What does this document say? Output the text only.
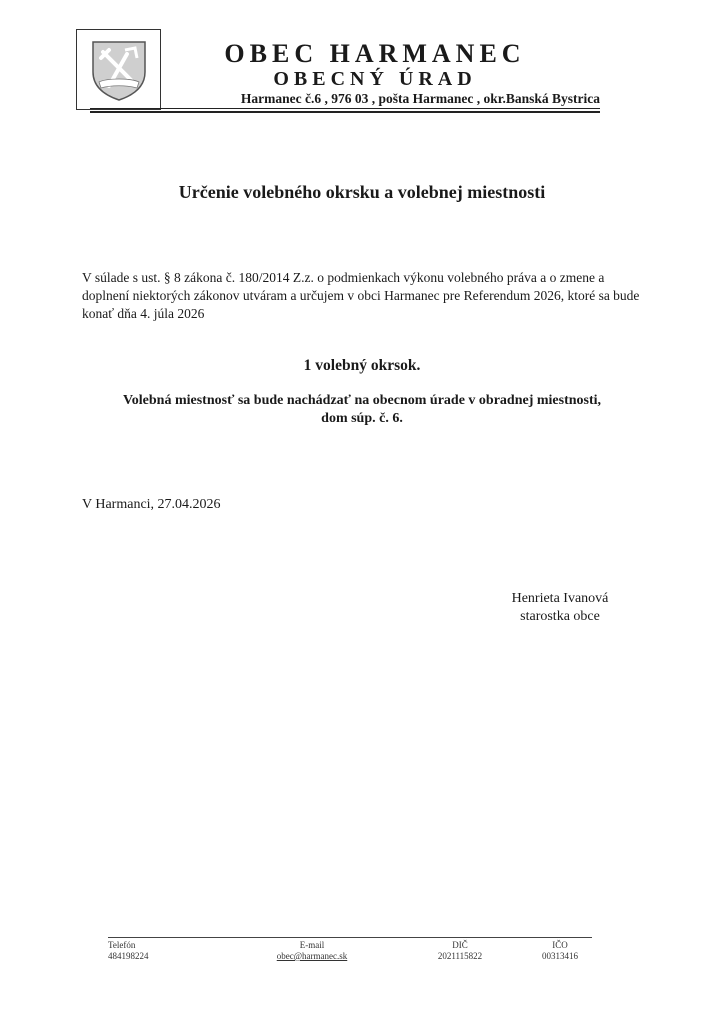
OBEC HARMANEC
OBECNÝ ÚRAD
Harmanec č.6 , 976 03 , pošta Harmanec , okr.Banská Bystrica
Určenie volebného okrsku a volebnej miestnosti
V súlade s ust. § 8 zákona č. 180/2014 Z.z. o podmienkach výkonu volebného práva a o zmene a doplnení niektorých zákonov utváram a určujem v obci Harmanec pre Referendum 2026, ktoré sa bude konať dňa 4. júla 2026
1 volebný okrsok.
Volebná miestnosť sa bude nachádzať na obecnom úrade v obradnej miestnosti,
dom súp. č. 6.
V Harmanci, 27.04.2026
Henrieta Ivanová
starostka obce
Telefón
484198224
E-mail
obec@harmanec.sk
DIČ
2021115822
IČO
00313416
